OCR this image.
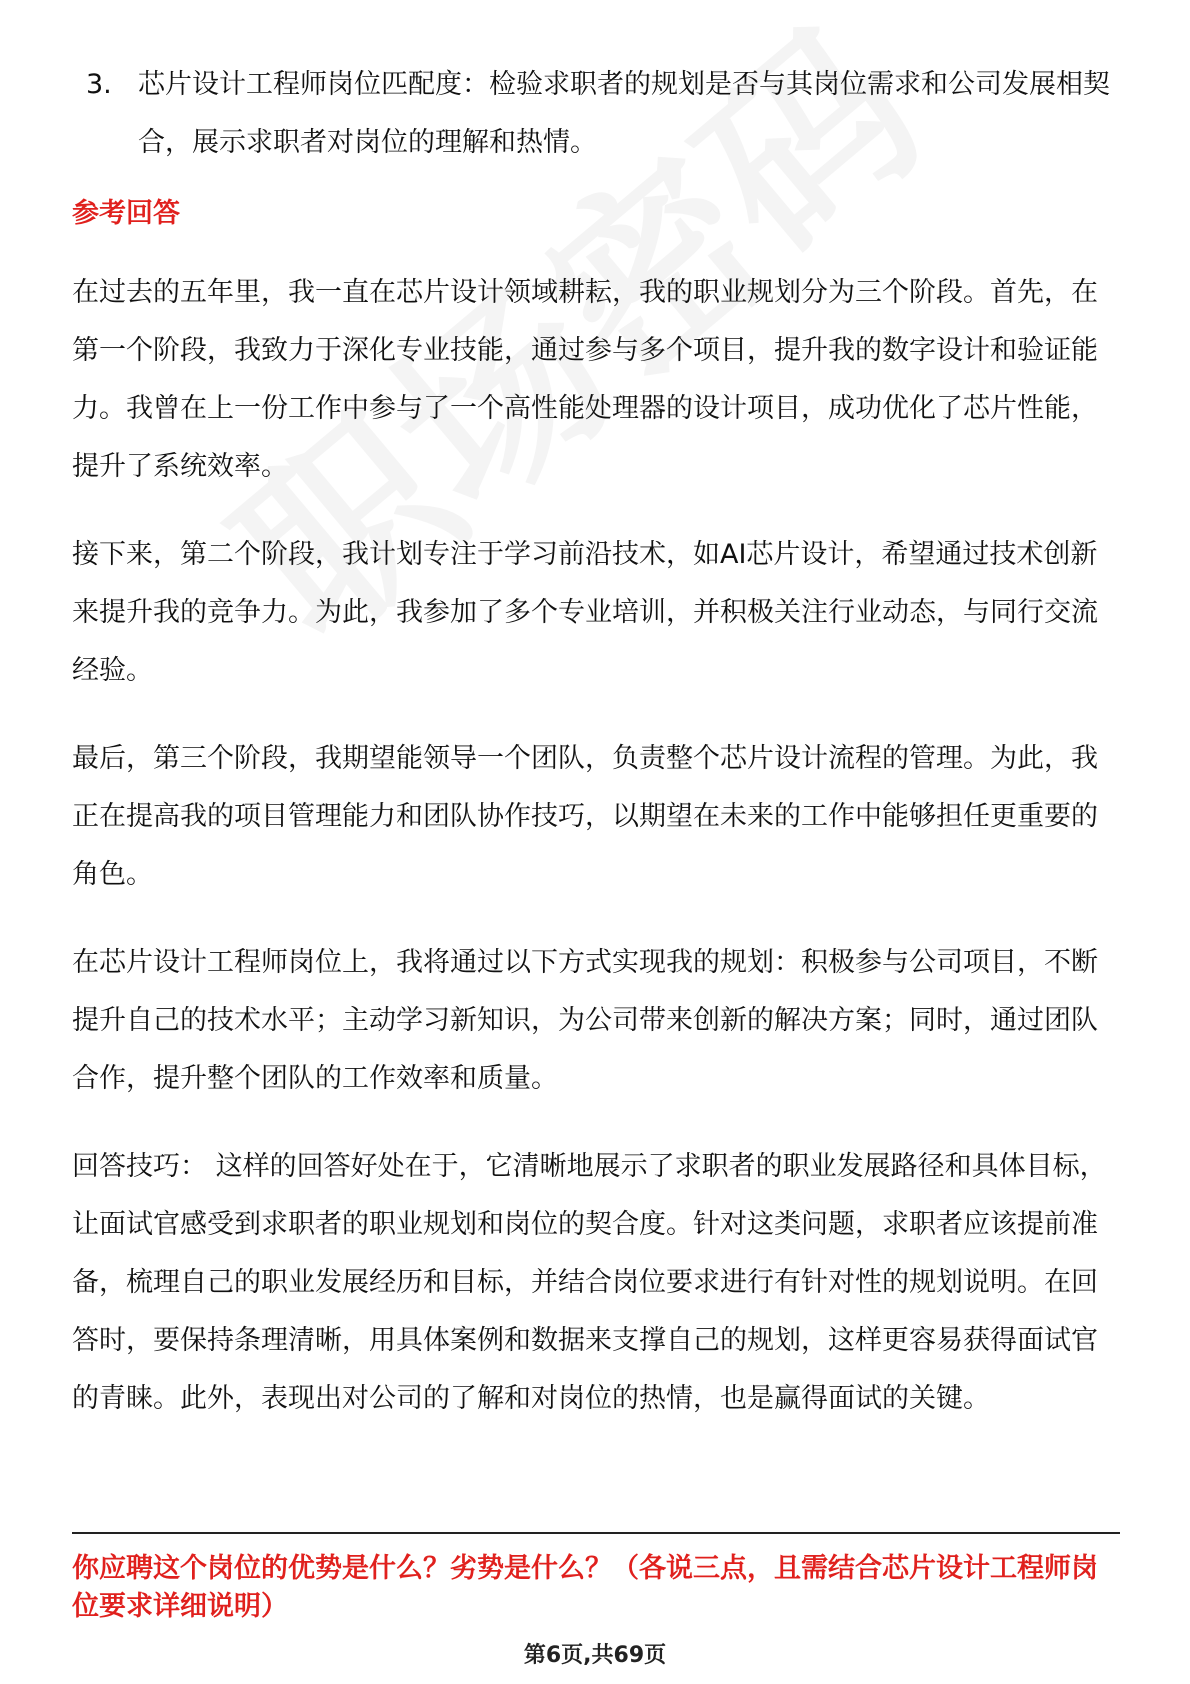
3. 芯片设计工程师岗位匹配度：检验求职者的规划是否与其岗位需求和公司发展相契合，展示求职者对岗位的理解和热情。
参考回答

在过去的五年里，我一直在芯片设计领域耕耘，我的职业规划分为三个阶段。首先，在第一个阶段，我致力于深化专业技能，通过参与多个项目，提升我的数字设计和验证能力。我曾在上一份工作中参与了一个高性能处理器的设计项目，成功优化了芯片性能，提升了系统效率。

接下来，第二个阶段，我计划专注于学习前沿技术，如AI芯片设计，希望通过技术创新来提升我的竞争力。为此，我参加了多个专业培训，并积极关注行业动态，与同行交流经验。

最后，第三个阶段，我期望能领导一个团队，负责整个芯片设计流程的管理。为此，我正在提高我的项目管理能力和团队协作技巧，以期望在未来的工作中能够担任更重要的角色。

在芯片设计工程师岗位上，我将通过以下方式实现我的规划：积极参与公司项目，不断提升自己的技术水平；主动学习新知识，为公司带来创新的解决方案；同时，通过团队合作，提升整个团队的工作效率和质量。

回答技巧： 这样的回答好处在于，它清晰地展示了求职者的职业发展路径和具体目标，让面试官感受到求职者的职业规划和岗位的契合度。针对这类问题，求职者应该提前准备，梳理自己的职业发展经历和目标，并结合岗位要求进行有针对性的规划说明。在回答时，要保持条理清晰，用具体案例和数据来支撑自己的规划，这样更容易获得面试官的青睐。此外，表现出对公司的了解和对岗位的热情，也是赢得面试的关键。

你应聘这个岗位的优势是什么？劣势是什么？（各说三点，且需结合芯片设计工程师岗位要求详细说明）
第6页,共69页
